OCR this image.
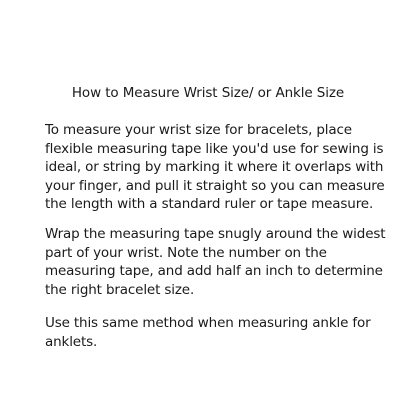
How to Measure Wrist Size/ or Ankle Size

To measure your wrist size for bracelets, place
flexible measuring tape like you'd use for sewing is
ideal, or string by marking it where it overlaps with
your finger, and pull it straight so you can measure
the length with a standard ruler or tape measure.

Wrap the measuring tape snugly around the widest
part of your wrist. Note the number on the
measuring tape, and add half an inch to determine
the right bracelet size.

Use this same method when measuring ankle for
anklets.
